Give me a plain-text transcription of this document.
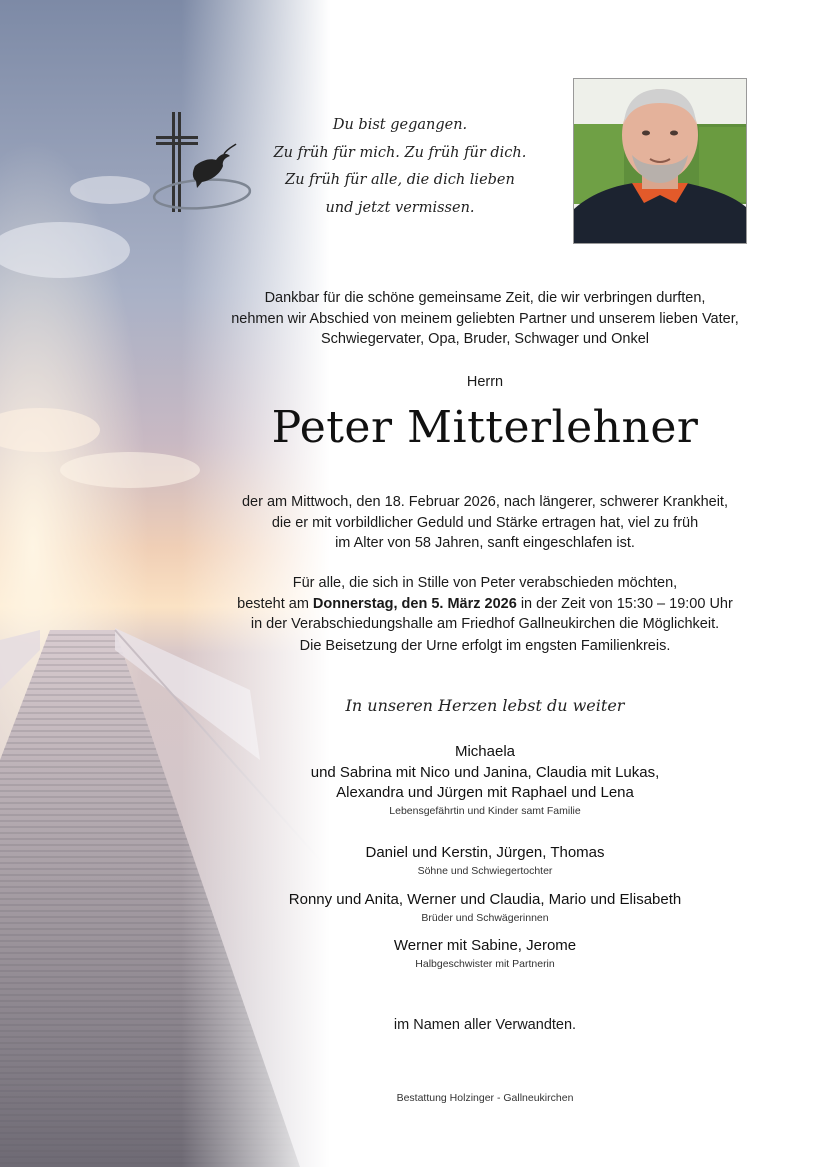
Du bist gegangen.
Zu früh für mich. Zu früh für dich.
Zu früh für alle, die dich lieben
und jetzt vermissen.
Dankbar für die schöne gemeinsame Zeit, die wir verbringen durften,
nehmen wir Abschied von meinem geliebten Partner und unserem lieben Vater,
Schwiegervater, Opa, Bruder, Schwager und Onkel
Herrn
Peter Mitterlehner
der am Mittwoch, den 18. Februar 2026, nach längerer, schwerer Krankheit,
die er mit vorbildlicher Geduld und Stärke ertragen hat, viel zu früh
im Alter von 58 Jahren, sanft eingeschlafen ist.
Für alle, die sich in Stille von Peter verabschieden möchten,
besteht am Donnerstag, den 5. März 2026 in der Zeit von 15:30 – 19:00 Uhr
in der Verabschiedungshalle am Friedhof Gallneukirchen die Möglichkeit.
Die Beisetzung der Urne erfolgt im engsten Familienkreis.
In unseren Herzen lebst du weiter
Michaela
und Sabrina mit Nico und Janina, Claudia mit Lukas,
Alexandra und Jürgen mit Raphael und Lena
Lebensgefährtin und Kinder samt Familie
Daniel und Kerstin, Jürgen, Thomas
Söhne und Schwiegertochter
Ronny und Anita, Werner und Claudia, Mario und Elisabeth
Brüder und Schwägerinnen
Werner mit Sabine, Jerome
Halbgeschwister mit Partnerin
im Namen aller Verwandten.
Bestattung Holzinger - Gallneukirchen
